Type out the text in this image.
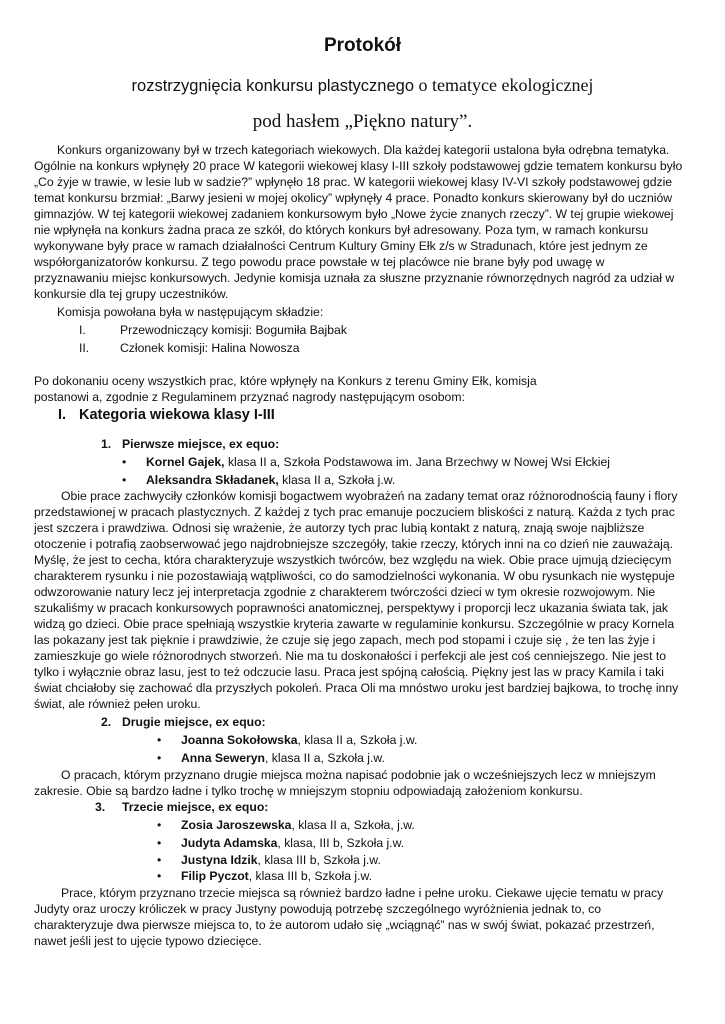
Protokół
rozstrzygnięcia konkursu plastycznego o tematyce ekologicznej
pod hasłem „Piękno natury”.
Konkurs organizowany był w trzech kategoriach wiekowych. Dla każdej kategorii ustalona była odrębna tematyka.
Ogólnie na konkurs wpłynęły 20 prace W kategorii wiekowej klasy I-III szkoły podstawowej gdzie tematem konkursu było
„Co żyje w trawie, w lesie lub w sadzie?” wpłynęło 18 prac. W kategorii wiekowej klasy IV-VI szkoły podstawowej gdzie
temat konkursu brzmiał: „Barwy jesieni w mojej okolicy” wpłynęły 4 prace. Ponadto konkurs skierowany był do uczniów
gimnazjów. W tej kategorii wiekowej zadaniem konkursowym było „Nowe życie znanych rzeczy”. W tej grupie wiekowej
nie wpłynęła na konkurs żadna praca ze szkół, do których konkurs był adresowany. Poza tym, w ramach konkursu
wykonywane były prace w ramach działalności Centrum Kultury Gminy Ełk z/s w Stradunach, które jest jednym ze
współorganizatorów konkursu. Z tego powodu prace powstałe w tej placówce nie brane były pod uwagę w
przyznawaniu miejsc konkursowych. Jedynie komisja uznała za słuszne przyznanie równorzędnych nagród za udział w
konkursie dla tej grupy uczestników.
Komisja powołana była w następującym składzie:
I.	Przewodniczący komisji: Bogumiła Bajbak
II.	Członek komisji: Halina Nowosza
Po dokonaniu oceny wszystkich prac, które wpłynęły na Konkurs z terenu Gminy Ełk, komisja
postanowi a, zgodnie z Regulaminem przyznać nagrody następującym osobom:
I. Kategoria wiekowa klasy I-III
1. Pierwsze miejsce, ex equo:
• Kornel Gajek, klasa II a, Szkoła Podstawowa im. Jana Brzechwy w Nowej Wsi Ełckiej
• Aleksandra Składanek, klasa II a, Szkoła j.w.
Obie prace zachwyciły członków komisji bogactwem wyobrażeń na zadany temat oraz różnorodnością fauny i flory
przedstawionej w pracach plastycznych. Z każdej z tych prac emanuje poczuciem bliskości z naturą. Każda z tych prac
jest szczera i prawdziwa. Odnosi się wrażenie, że autorzy tych prac lubią kontakt z naturą, znają swoje najbliższe
otoczenie i potrafią zaobserwować jego najdrobniejsze szczegóły, takie rzeczy, których inni na co dzień nie zauważają.
Myślę, że jest to cecha, która charakteryzuje wszystkich twórców, bez względu na wiek. Obie prace ujmują dziecięcym
charakterem rysunku i nie pozostawiają wątpliwości, co do samodzielności wykonania. W obu rysunkach nie występuje
odwzorowanie natury lecz jej interpretacja zgodnie z charakterem twórczości dzieci w tym okresie rozwojowym. Nie
szukaliśmy w pracach konkursowych poprawności anatomicznej, perspektywy i proporcji lecz ukazania świata tak, jak
widzą go dzieci. Obie prace spełniają wszystkie kryteria zawarte w regulaminie konkursu. Szczególnie w pracy Kornela
las pokazany jest tak pięknie i prawdziwie, że czuje się jego zapach, mech pod stopami i czuje się , że ten las żyje i
zamieszkuje go wiele różnorodnych stworzeń. Nie ma tu doskonałości i perfekcji ale jest coś cenniejszego. Nie jest to
tylko i wyłącznie obraz lasu, jest to też odczucie lasu. Praca jest spójną całością. Piękny jest las w pracy Kamila i taki
świat chciałoby się zachować dla przyszłych pokoleń. Praca Oli ma mnóstwo uroku jest bardziej bajkowa, to trochę inny
świat, ale również pełen uroku.
2. Drugie miejsce, ex equo:
• Joanna Sokołowska, klasa II a, Szkoła j.w.
• Anna Seweryn, klasa II a, Szkoła j.w.
O pracach, którym przyznano drugie miejsca można napisać podobnie jak o wcześniejszych lecz w mniejszym
zakresie. Obie są bardzo ładne i tylko trochę w mniejszym stopniu odpowiadają założeniom konkursu.
3. Trzecie miejsce, ex equo:
• Zosia Jaroszewska, klasa II a, Szkoła, j.w.
• Judyta Adamska, klasa, III b, Szkoła j.w.
• Justyna Idzik, klasa III b, Szkoła j.w.
• Filip Pyczot, klasa III b, Szkoła j.w.
Prace, którym przyznano trzecie miejsca są również bardzo ładne i pełne uroku. Ciekawe ujęcie tematu w pracy
Judyty oraz uroczy króliczek w pracy Justyny powodują potrzebę szczególnego wyróżnienia jednak to, co
charakteryzuje dwa pierwsze miejsca to, to że autorom udało się „wciągnąć” nas w swój świat, pokazać przestrzeń,
nawet jeśli jest to ujęcie typowo dziecięce.
